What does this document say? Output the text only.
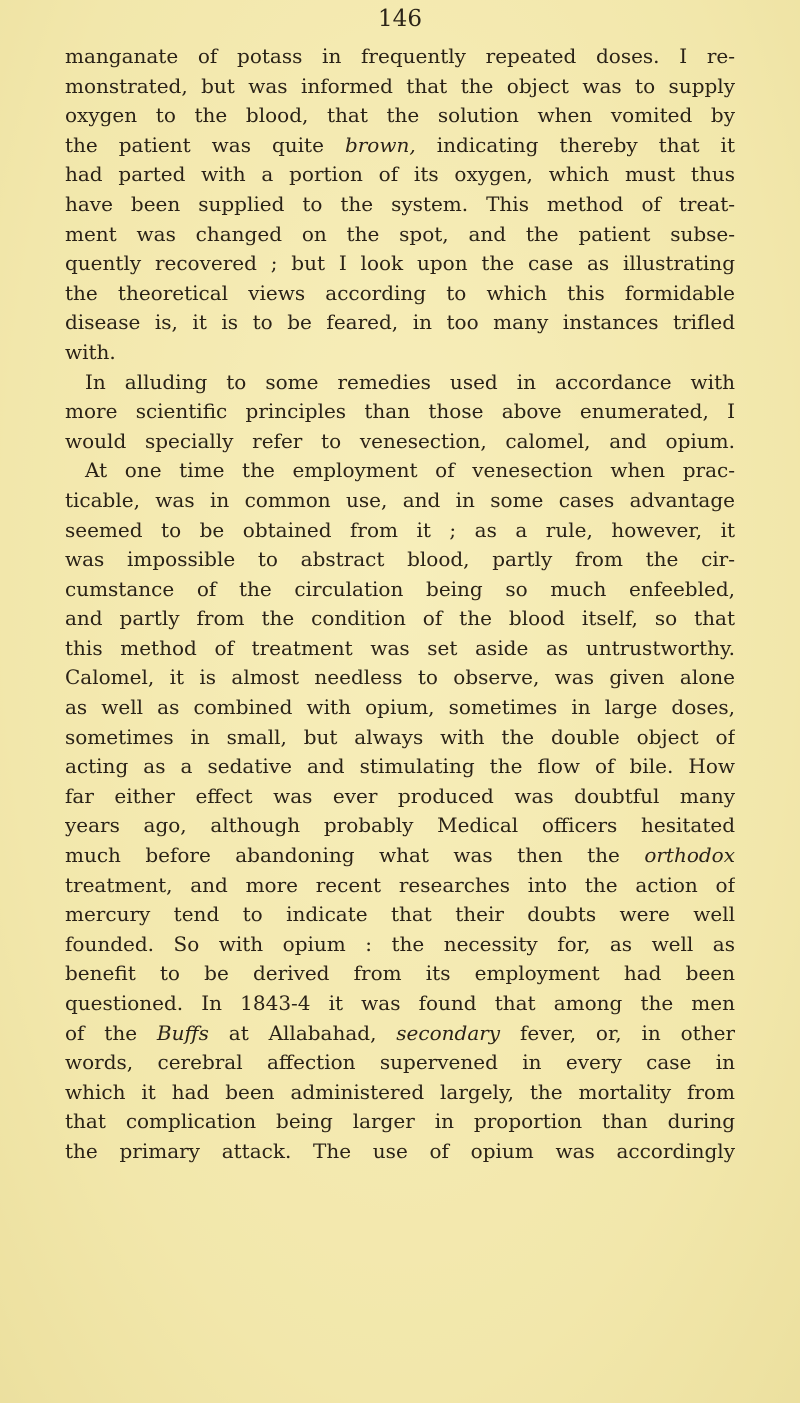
146
manganate of potass in frequently repeated doses. I re-
monstrated, but was informed that the object was to supply
oxygen to the blood, that the solution when vomited by
the patient was quite brown, indicating thereby that it
had parted with a portion of its oxygen, which must thus
have been supplied to the system. This method of treat-
ment was changed on the spot, and the patient subse-
quently recovered ; but I look upon the case as illustrating
the theoretical views according to which this formidable
disease is, it is to be feared, in too many instances trifled
with.
In alluding to some remedies used in accordance with
more scientific principles than those above enumerated, I
would specially refer to venesection, calomel, and opium.
At one time the employment of venesection when prac-
ticable, was in common use, and in some cases advantage
seemed to be obtained from it ; as a rule, however, it
was impossible to abstract blood, partly from the cir-
cumstance of the circulation being so much enfeebled,
and partly from the condition of the blood itself, so that
this method of treatment was set aside as untrustworthy.
Calomel, it is almost needless to observe, was given alone
as well as combined with opium, sometimes in large doses,
sometimes in small, but always with the double object of
acting as a sedative and stimulating the flow of bile. How
far either effect was ever produced was doubtful many
years ago, although probably Medical officers hesitated
much before abandoning what was then the orthodox
treatment, and more recent researches into the action of
mercury tend to indicate that their doubts were well
founded. So with opium : the necessity for, as well as
benefit to be derived from its employment had been
questioned. In 1843-4 it was found that among the men
of the Buffs at Allabahad, secondary fever, or, in other
words, cerebral affection supervened in every case in
which it had been administered largely, the mortality from
that complication being larger in proportion than during
the primary attack. The use of opium was accordingly
